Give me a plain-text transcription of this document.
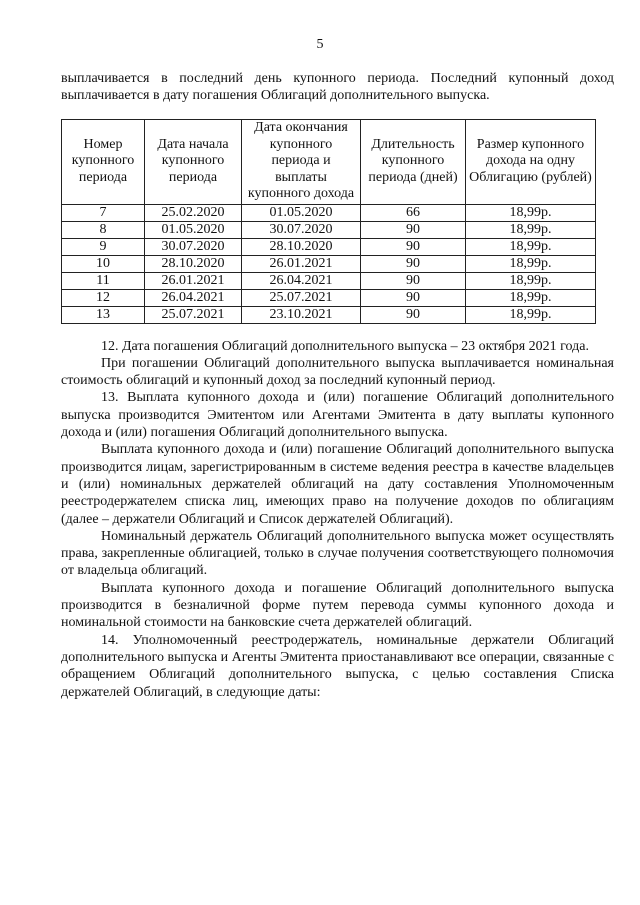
5

выплачивается в последний день купонного периода. Последний купонный доход выплачивается в дату погашения Облигаций дополнительного выпуска.

Номер купонного периода	Дата начала купонного периода	Дата окончания купонного периода и выплаты купонного дохода	Длительность купонного периода (дней)	Размер купонного дохода на одну Облигацию (рублей)
7	25.02.2020	01.05.2020	66	18,99р.
8	01.05.2020	30.07.2020	90	18,99р.
9	30.07.2020	28.10.2020	90	18,99р.
10	28.10.2020	26.01.2021	90	18,99р.
11	26.01.2021	26.04.2021	90	18,99р.
12	26.04.2021	25.07.2021	90	18,99р.
13	25.07.2021	23.10.2021	90	18,99р.

12. Дата погашения Облигаций дополнительного выпуска – 23 октября 2021 года.

При погашении Облигаций дополнительного выпуска выплачивается номинальная стоимость облигаций и купонный доход за последний купонный период.

13. Выплата купонного дохода и (или) погашение Облигаций дополнительного выпуска производится Эмитентом или Агентами Эмитента в дату выплаты купонного дохода и (или) погашения Облигаций дополнительного выпуска.

Выплата купонного дохода и (или) погашение Облигаций дополнительного выпуска производится лицам, зарегистрированным в системе ведения реестра в качестве владельцев и (или) номинальных держателей облигаций на дату составления Уполномоченным реестродержателем списка лиц, имеющих право на получение доходов по облигациям (далее – держатели Облигаций и Список держателей Облигаций).

Номинальный держатель Облигаций дополнительного выпуска может осуществлять права, закрепленные облигацией, только в случае получения соответствующего полномочия от владельца облигаций.

Выплата купонного дохода и погашение Облигаций дополнительного выпуска производится в безналичной форме путем перевода суммы купонного дохода и номинальной стоимости на банковские счета держателей облигаций.

14. Уполномоченный реестродержатель, номинальные держатели Облигаций дополнительного выпуска и Агенты Эмитента приостанавливают все операции, связанные с обращением Облигаций дополнительного выпуска, с целью составления Списка держателей Облигаций, в следующие даты:
